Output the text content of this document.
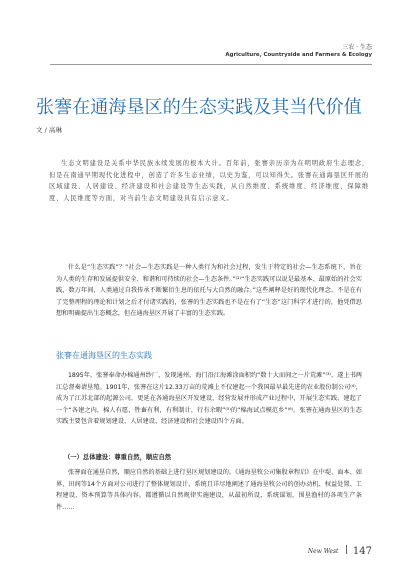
三农 · 生态
Agriculture, Countryside and Farmers & Ecology
张謇在通海垦区的生态实践及其当代价值
文 / 高琳

生态文明建设是关系中华民族永续发展的根本大计。百年前，张謇亲历亲为在明明政府生态理念，但是在南通早期现代化进程中，创造了许多生态业绩，以史为鉴，可以知得失。张謇在通海垦区开展的区域建设、人居建设、经济建设和社会建设等生态实践，从自然维度、系统维度、经济维度、保障维度、人民维度等方面，对当前生态文明建设具有启示意义。

什么是“生态实践”？“社会—生态实践是一种人类行为和社会过程，发生于特定的社会—生态系统下，旨在为人类的生存和发展提供安全、和谐和可持续的社会—生态条件。”⁽¹⁾“生态实践可以说是最基本、最原始的社会实践，数万年间，人类通过自我传承不断繁衍生息的依托与大自然的融合。”这些阐释是好的现代化理念。不是在有了完整理程的理论和计划之后才付诸实践的，张謇的生态实践也不是在有了“生态”这门科学才进行的，他凭借思想和明确提出生态概念，但在通海垦区开展了丰富的生态实践。

张謇在通海垦区的生态实践

1895年，张謇奉命办棉通州纱厂，发现通州、海门沿江海滩涂面积约“数十大而间之一片荒滩”⁽³⁾，遂上书两江总督奏请垦殖。1901年，张謇在这片12.33万亩的荒滩上不仅建起一个我国最早最先进的农业股份制公司⁽⁴⁾，成为了江苏北部的起源公司，更延在各通海垦区开发建设，经营发展并形成产业过程中，开展生态实践，建起了一个“各建之内，棉人有愿，牲畜有利，有利制计，行有余暇”⁽⁵⁾的“棉海试点模范乡”⁽⁶⁾。张謇在通海垦区的生态实践主要包含着规划建设、人居建设、经济建设和社会建设四个方面。

（一）总体建设：尊重自然，顺应自然

张謇面在通垦自然，顺应自然的基础上进行垦区规划建设的。《通海垦牧公司集股章程启》在中堤、面本、如界、田间等14个方面对公司进行了整体规划设计，系统且详尽地阐述了通海垦牧公司的创办动机、权益处置、工程建设、资本预算等具体内容。都遵循以自然规律实施建设，从最初所设，系统谋划，围垦渔村的各项生产条件……

New West 147
